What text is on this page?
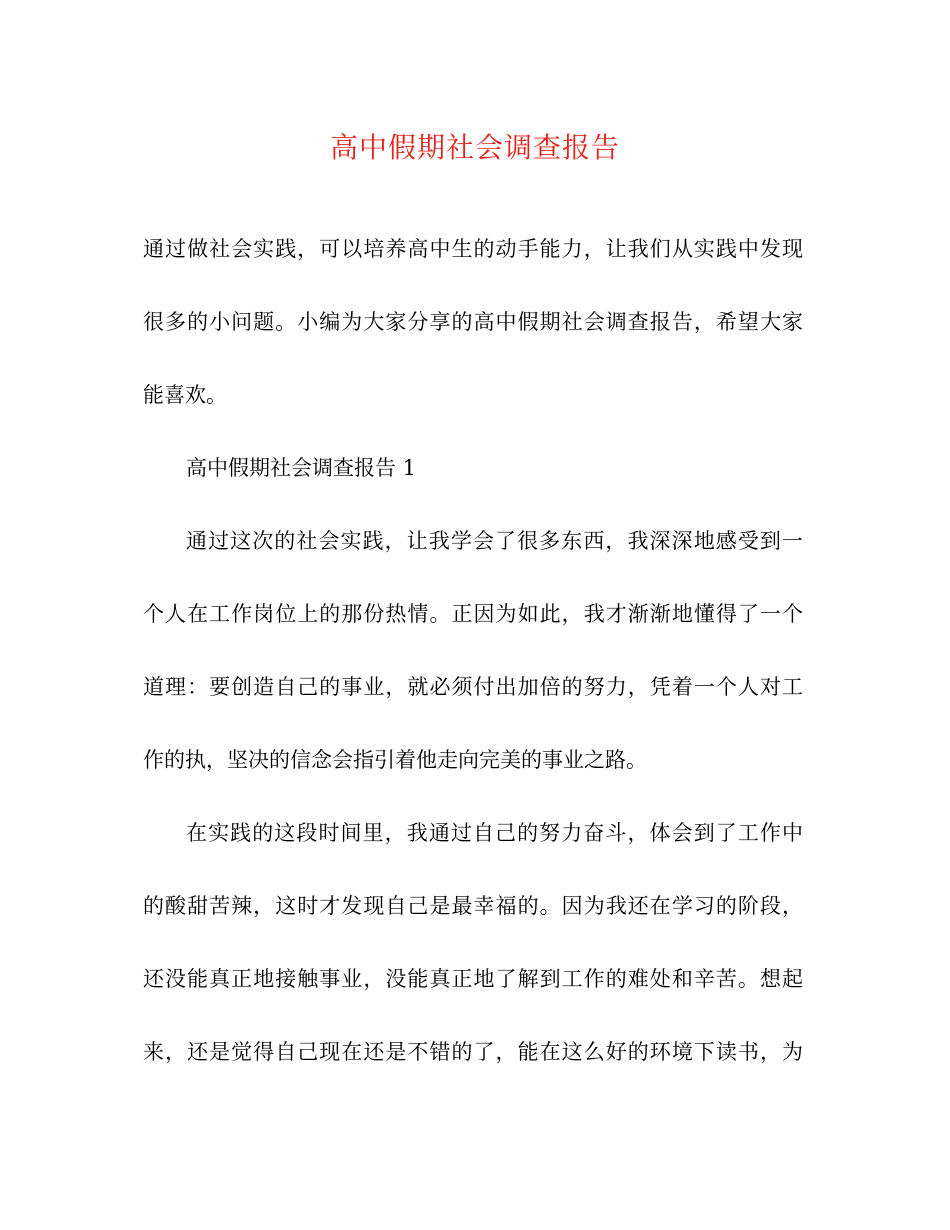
高中假期社会调查报告
通过做社会实践，可以培养高中生的动手能力，让我们从实践中发现
很多的小问题。小编为大家分享的高中假期社会调查报告，希望大家
能喜欢。
高中假期社会调查报告 1
通过这次的社会实践，让我学会了很多东西，我深深地感受到一
个人在工作岗位上的那份热情。正因为如此，我才渐渐地懂得了一个
道理：要创造自己的事业，就必须付出加倍的努力，凭着一个人对工
作的执，坚决的信念会指引着他走向完美的事业之路。
在实践的这段时间里，我通过自己的努力奋斗，体会到了工作中
的酸甜苦辣，这时才发现自己是最幸福的。因为我还在学习的阶段，
还没能真正地接触事业，没能真正地了解到工作的难处和辛苦。想起
来，还是觉得自己现在还是不错的了，能在这么好的环境下读书，为
